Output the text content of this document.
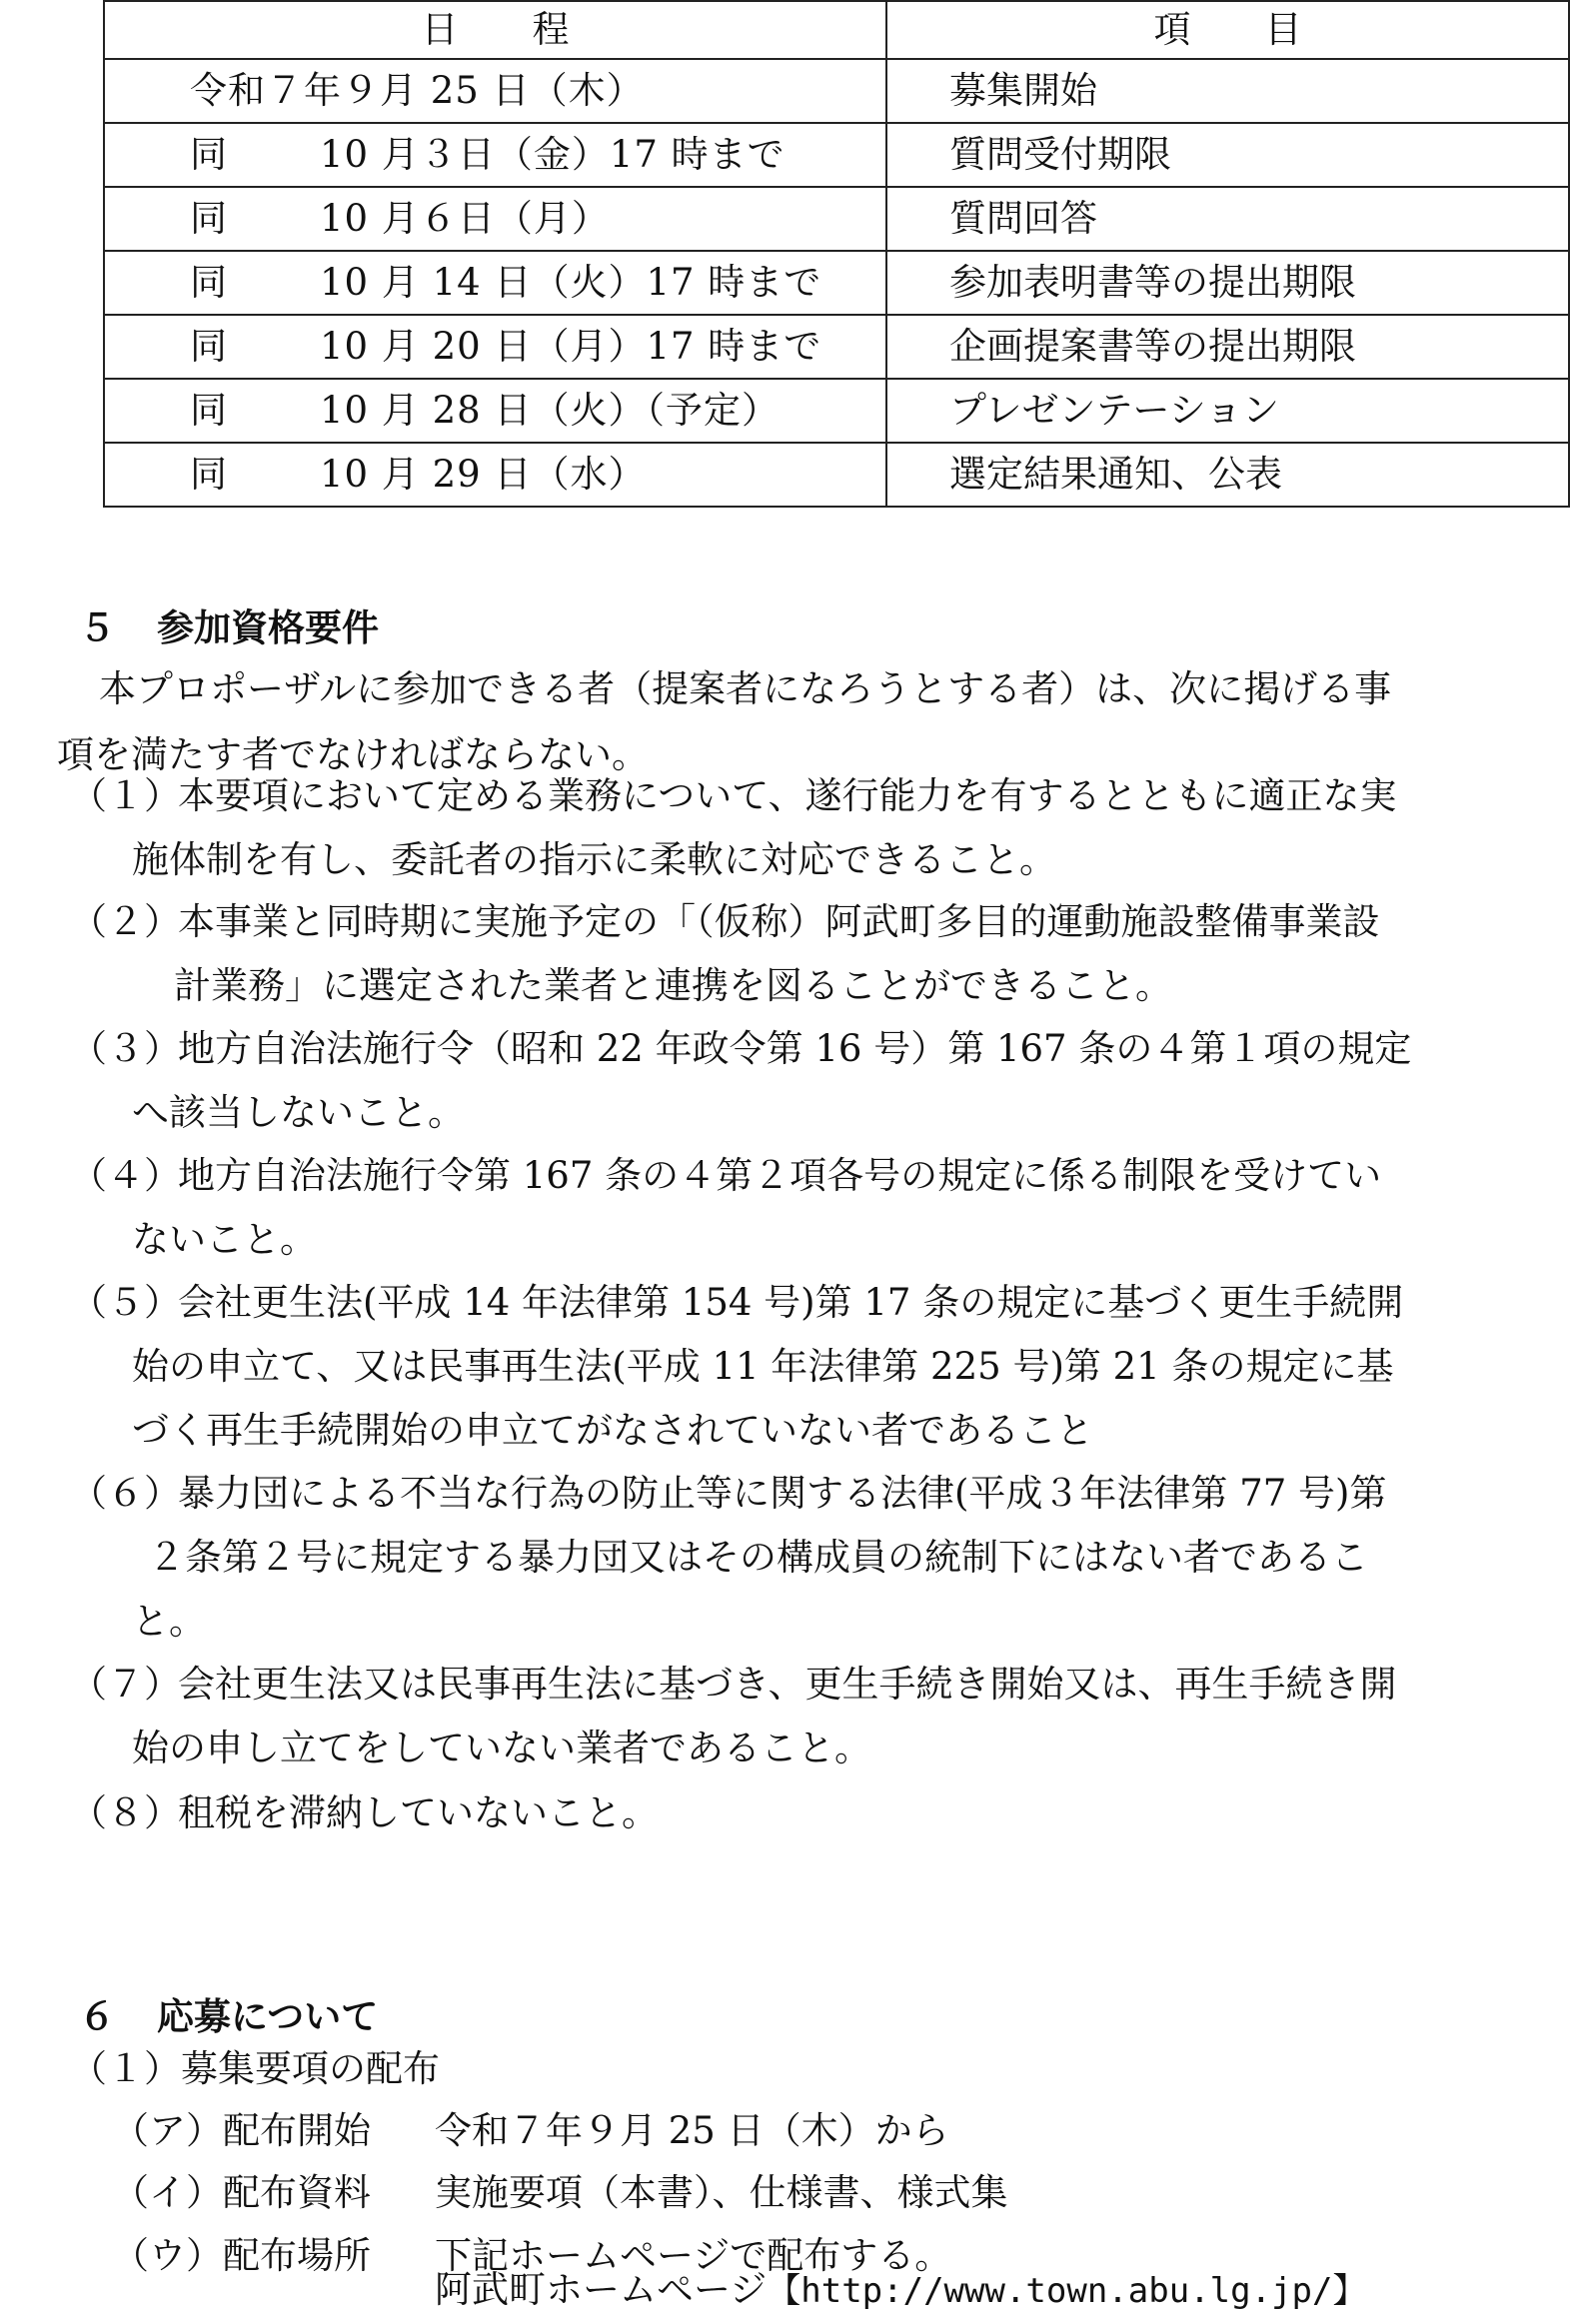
日　　程	項　　目
令和７年９月 25 日（木）	募集開始
同 10 月３日（金）17 時まで	質問受付期限
同 10 月６日（月）	質問回答
同 10 月 14 日（火）17 時まで	参加表明書等の提出期限
同 10 月 20 日（月）17 時まで	企画提案書等の提出期限
同 10 月 28 日（火）（予定）	プレゼンテーション
同 10 月 29 日（水）	選定結果通知、公表
５ 参加資格要件
本プロポーザルに参加できる者（提案者になろうとする者）は、次に掲げる事
項を満たす者でなければならない。
（１）
本要項において定める業務について、遂行能力を有するとともに適正な実
施体制を有し、委託者の指示に柔軟に対応できること。
（２）
本事業と同時期に実施予定の「（仮称）阿武町多目的運動施設整備事業設
計業務」に選定された業者と連携を図ることができること。
（３）
地方自治法施行令（昭和 22 年政令第 16 号）第 167 条の４第１項の規定
へ該当しないこと。
（４）
地方自治法施行令第 167 条の４第２項各号の規定に係る制限を受けてい
ないこと。
（５）
会社更生法(平成 14 年法律第 154 号)第 17 条の規定に基づく更生手続開
始の申立て、又は民事再生法(平成 11 年法律第 225 号)第 21 条の規定に基
づく再生手続開始の申立てがなされていない者であること
（６）
暴力団による不当な行為の防止等に関する法律(平成３年法律第 77 号)第
２条第２号に規定する暴力団又はその構成員の統制下にはない者であるこ
と。
（７）
会社更生法又は民事再生法に基づき、更生手続き開始又は、再生手続き開
始の申し立てをしていない業者であること。
（８）
租税を滞納していないこと。
６ 応募について
（１）募集要項の配布
（ア）配布開始 令和７年９月 25 日（木）から
（イ）配布資料 実施要項（本書）、仕様書、様式集
（ウ）配布場所 下記ホームページで配布する。
阿武町ホームページ【http://www.town.abu.lg.jp/】
